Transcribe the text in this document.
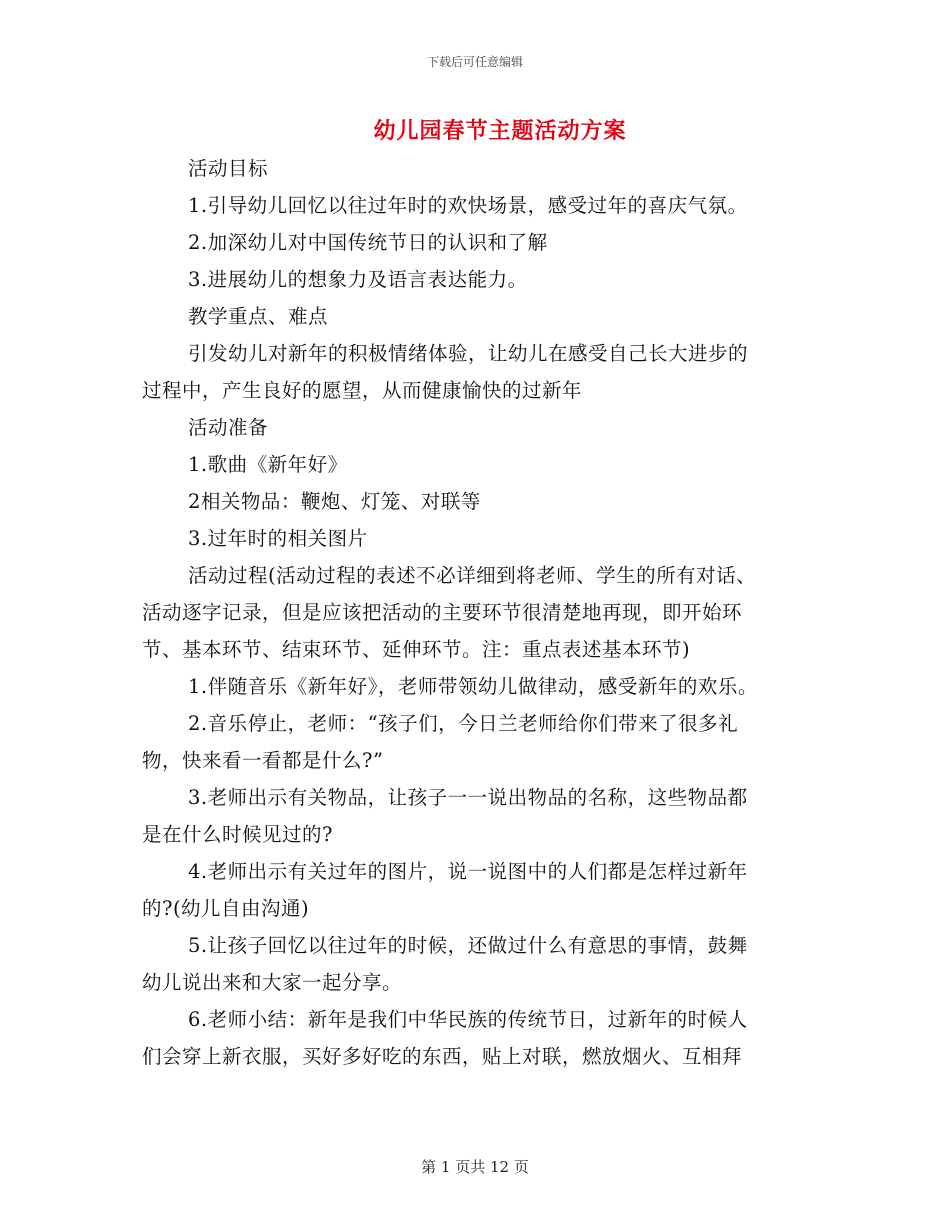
下载后可任意编辑
幼儿园春节主题活动方案
活动目标
1.引导幼儿回忆以往过年时的欢快场景，感受过年的喜庆气氛。
2.加深幼儿对中国传统节日的认识和了解
3.进展幼儿的想象力及语言表达能力。
教学重点、难点
引发幼儿对新年的积极情绪体验，让幼儿在感受自己长大进步的
过程中，产生良好的愿望，从而健康愉快的过新年
活动准备
1.歌曲《新年好》
2相关物品：鞭炮、灯笼、对联等
3.过年时的相关图片
活动过程(活动过程的表述不必详细到将老师、学生的所有对话、
活动逐字记录，但是应该把活动的主要环节很清楚地再现，即开始环
节、基本环节、结束环节、延伸环节。注：重点表述基本环节)
1.伴随音乐《新年好》，老师带领幼儿做律动，感受新年的欢乐。
2.音乐停止，老师：“孩子们，今日兰老师给你们带来了很多礼
物，快来看一看都是什么?”
3.老师出示有关物品，让孩子一一说出物品的名称，这些物品都
是在什么时候见过的?
4.老师出示有关过年的图片，说一说图中的人们都是怎样过新年
的?(幼儿自由沟通)
5.让孩子回忆以往过年的时候，还做过什么有意思的事情，鼓舞
幼儿说出来和大家一起分享。
6.老师小结：新年是我们中华民族的传统节日，过新年的时候人
们会穿上新衣服，买好多好吃的东西，贴上对联，燃放烟火、互相拜
第 1 页共 12 页
